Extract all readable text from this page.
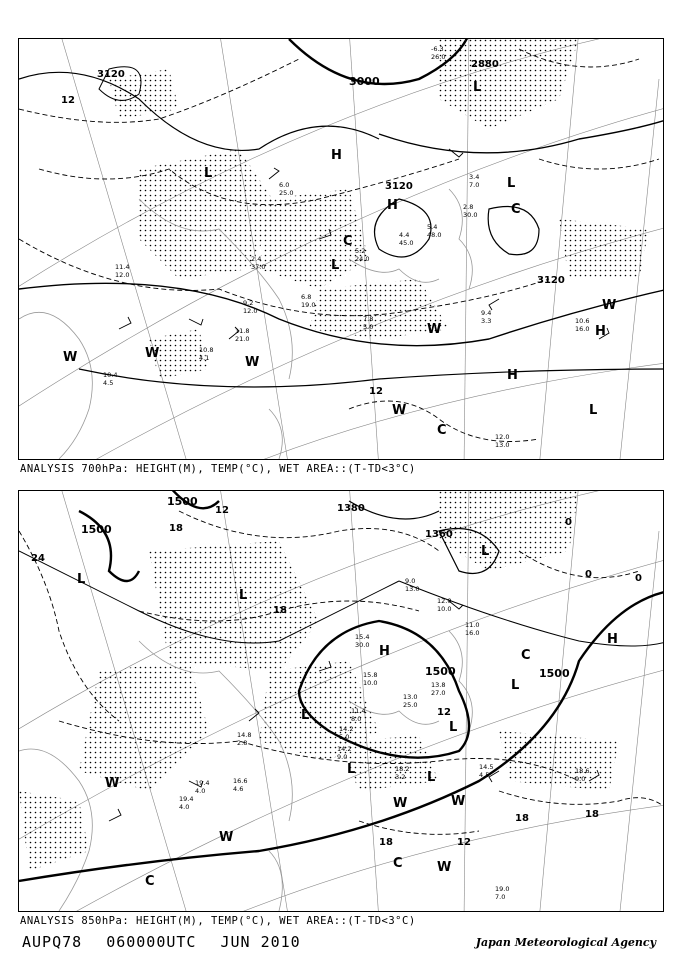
3120
3000
2880
3120
3120
12
12
L
L
L
L
L
H
H
H
H
C
C
C
W	W
W
W
W
W
9.2
12.0
11.8
21.0
10.8
4.1
10.4
4.5
6.8
19.0
7.8
5.0
9.4
3.3	10.6
16.0
12.0
13.0
4.4
45.0
5.4
48.0
2.8
30.0
3.4
7.0
5.2
24.0
-6.3
26.0
6.0
25.0
2.4
37.0
11.4
12.0
ANALYSIS 700hPa: HEIGHT(M), TEMP(°C), WET AREA::(T-TD<3°C)
1500
1500
1380
1360
1500	1500
24
18
12
12
18
18
18
18
0
0	0
12
L
L
L
L
L
L
L
L
H
H
C
C
C
W
W
W	W
W
13.8
27.0
13.0
25.0
14.2
9.0
18.2
3.2
14.5
4.5	18.6
9.0
19.4
4.0
19.0
7.0
16.6
4.6
14.8
2.8
11.4
8.0
15.4
30.0
9.0
13.0
12.0
10.0
11.0
16.0
15.8
10.0
14.2
5.0
19.4
4.0
ANALYSIS 850hPa: HEIGHT(M), TEMP(°C), WET AREA::(T-TD<3°C)
AUPQ78 060000UTC JUN 2010	Japan Meteorological Agency
